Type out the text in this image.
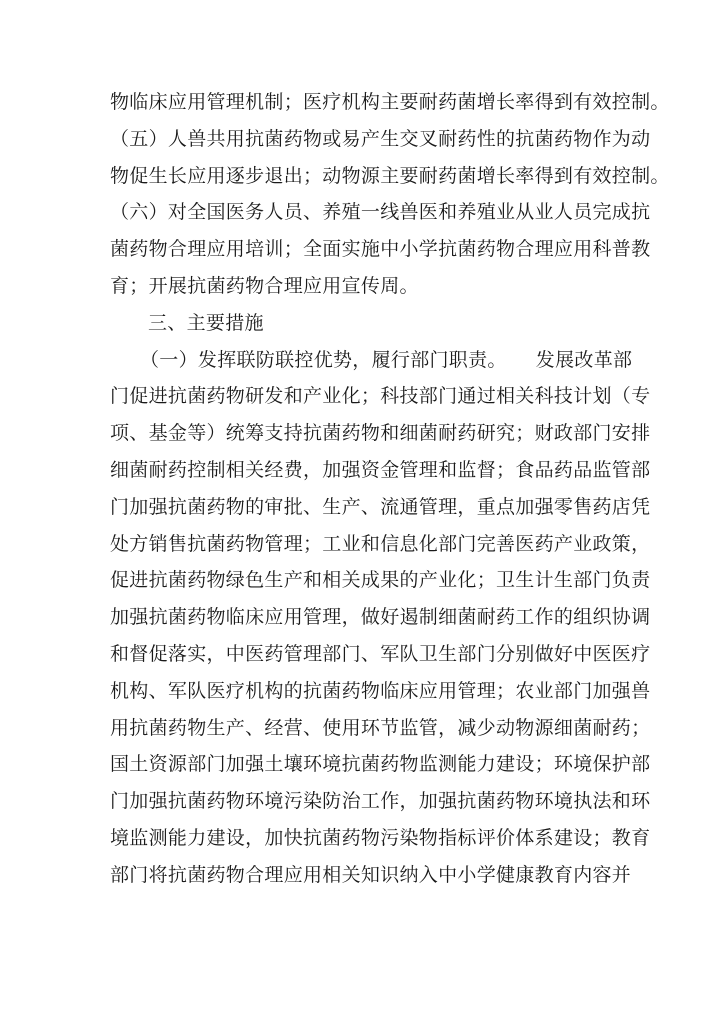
物临床应用管理机制；医疗机构主要耐药菌增长率得到有效控制。
（五）人兽共用抗菌药物或易产生交叉耐药性的抗菌药物作为动
物促生长应用逐步退出；动物源主要耐药菌增长率得到有效控制。
（六）对全国医务人员、养殖一线兽医和养殖业从业人员完成抗
菌药物合理应用培训；全面实施中小学抗菌药物合理应用科普教
育；开展抗菌药物合理应用宣传周。
三、主要措施
（一）发挥联防联控优势，履行部门职责。　　发展改革部
门促进抗菌药物研发和产业化；科技部门通过相关科技计划（专
项、基金等）统筹支持抗菌药物和细菌耐药研究；财政部门安排
细菌耐药控制相关经费，加强资金管理和监督；食品药品监管部
门加强抗菌药物的审批、生产、流通管理，重点加强零售药店凭
处方销售抗菌药物管理；工业和信息化部门完善医药产业政策，
促进抗菌药物绿色生产和相关成果的产业化；卫生计生部门负责
加强抗菌药物临床应用管理，做好遏制细菌耐药工作的组织协调
和督促落实，中医药管理部门、军队卫生部门分别做好中医医疗
机构、军队医疗机构的抗菌药物临床应用管理；农业部门加强兽
用抗菌药物生产、经营、使用环节监管，减少动物源细菌耐药；
国土资源部门加强土壤环境抗菌药物监测能力建设；环境保护部
门加强抗菌药物环境污染防治工作，加强抗菌药物环境执法和环
境监测能力建设，加快抗菌药物污染物指标评价体系建设；教育
部门将抗菌药物合理应用相关知识纳入中小学健康教育内容并
